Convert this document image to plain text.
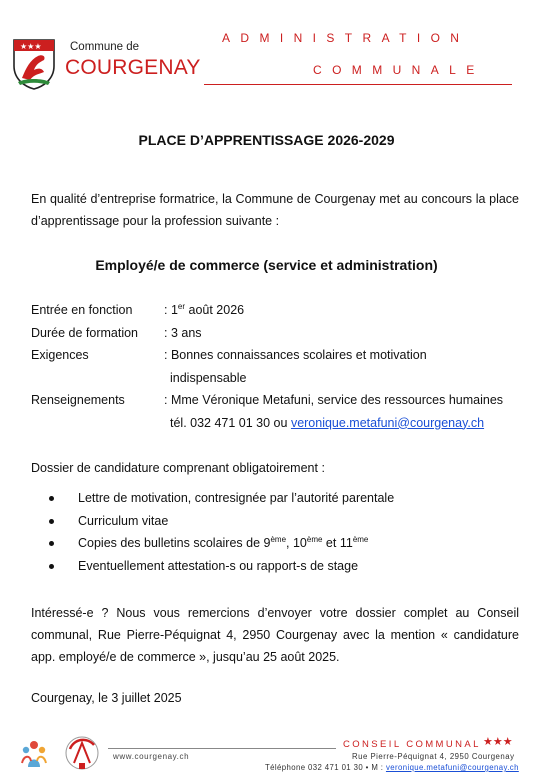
★★★ Commune de
COURGENAY
ADMINISTRATION
COMMUNALE
PLACE D’APPRENTISSAGE 2026-2029
En qualité d’entreprise formatrice, la Commune de Courgenay met au concours la place d’apprentissage pour la profession suivante :
Employé/e de commerce (service et administration)
Entrée en fonction	: 1er août 2026
Durée de formation : 3 ans
Exigences	: Bonnes connaissances scolaires et motivation
indispensable
Renseignements	: Mme Véronique Metafuni, service des ressources humaines
tél. 032 471 01 30 ou veronique.metafuni@courgenay.ch
Dossier de candidature comprenant obligatoirement :
Lettre de motivation, contresignée par l’autorité parentale
Curriculum vitae
Copies des bulletins scolaires de 9ème, 10ème et 11ème
Eventuellement attestation-s ou rapport-s de stage
Intéressé-e ? Nous vous remercions d’envoyer votre dossier complet au Conseil communal, Rue Pierre-Péquignat 4, 2950 Courgenay avec la mention « candidature app. employé/e de commerce », jusqu’au 25 août 2025.
Courgenay, le 3 juillet 2025
www.courgenay.ch
CONSEIL COMMUNAL ★★★
Rue Pierre-Péquignat 4, 2950 Courgenay
Téléphone 032 471 01 30 • M : veronique.metafuni@courgenay.ch
